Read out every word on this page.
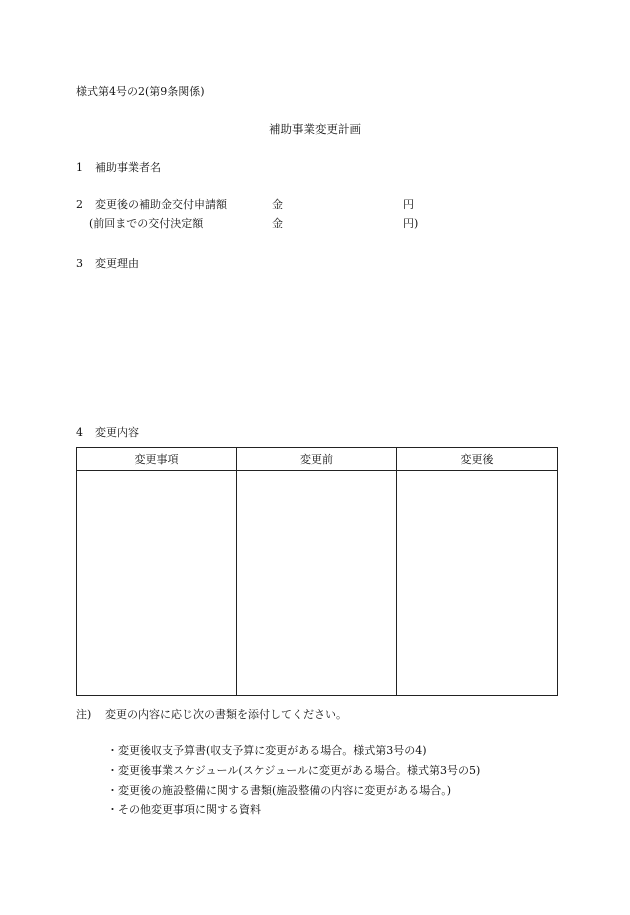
様式第4号の2(第9条関係)
補助事業変更計画
1 補助事業者名
2 変更後の補助金交付申請額	金	円
(前回までの交付決定額	金	円)
3 変更理由
4 変更内容
変更事項	変更前	変更後

注) 変更の内容に応じ次の書類を添付してください。
・変更後収支予算書(収支予算に変更がある場合。様式第3号の4)
・変更後事業スケジュール(スケジュールに変更がある場合。様式第3号の5)
・変更後の施設整備に関する書類(施設整備の内容に変更がある場合。)
・その他変更事項に関する資料
